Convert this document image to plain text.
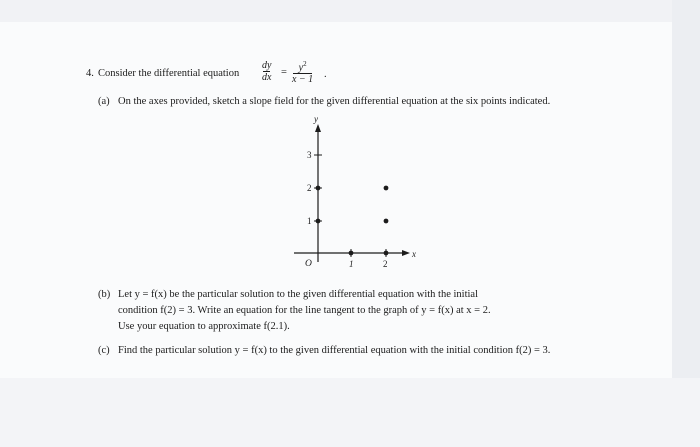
4. Consider the differential equation
dy
dx =	$y^2$
x − 1 .
(a) On the axes provided, sketch a slope field for the given differential equation at the six points indicated.
y
x
O
1
2
3
1	2
(b) Let y = f(x) be the particular solution to the given differential equation with the initial
condition f(2) = 3. Write an equation for the line tangent to the graph of y = f(x) at x = 2.
Use your equation to approximate f(2.1).
(c) Find the particular solution y = f(x) to the given differential equation with the initial condition f(2) = 3.
